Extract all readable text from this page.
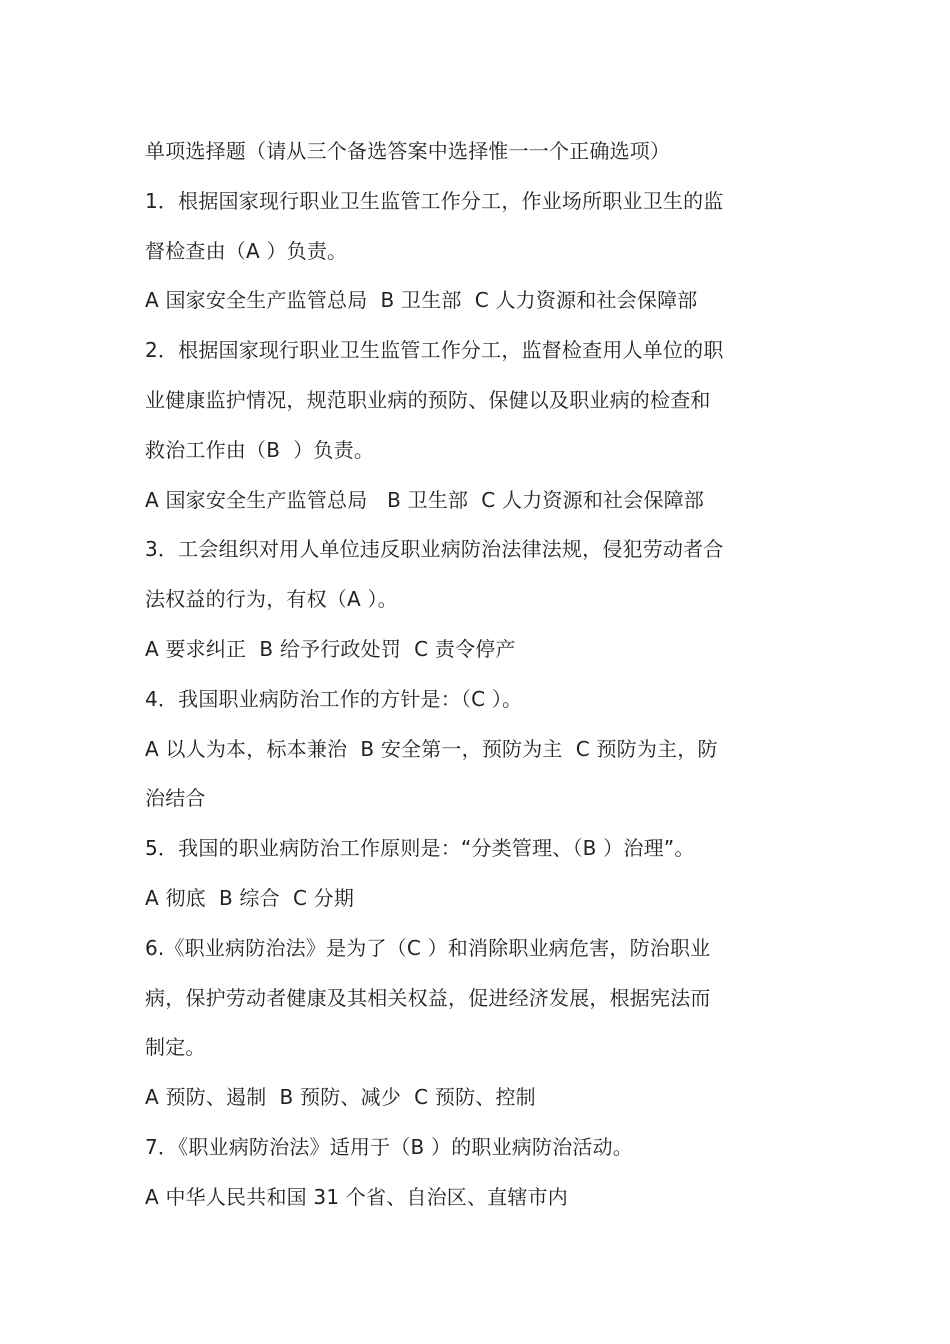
单项选择题（请从三个备选答案中选择惟一一个正确选项）

1．根据国家现行职业卫生监管工作分工，作业场所职业卫生的监

督检查由（A ）负责。

A 国家安全生产监管总局  B 卫生部  C 人力资源和社会保障部

2．根据国家现行职业卫生监管工作分工，监督检查用人单位的职

业健康监护情况，规范职业病的预防、保健以及职业病的检查和

救治工作由（B  ）负责。

A 国家安全生产监管总局   B 卫生部  C 人力资源和社会保障部

3．工会组织对用人单位违反职业病防治法律法规，侵犯劳动者合

法权益的行为，有权（A ）。

A 要求纠正  B 给予行政处罚  C 责令停产

4．我国职业病防治工作的方针是：（C ）。

A 以人为本，标本兼治  B 安全第一，预防为主  C 预防为主，防

治结合

5．我国的职业病防治工作原则是：“分类管理、（B ）治理”。

A 彻底  B 综合  C 分期

6.《职业病防治法》是为了（C ）和消除职业病危害，防治职业

病，保护劳动者健康及其相关权益，促进经济发展，根据宪法而

制定。

A 预防、遏制  B 预防、减少  C 预防、控制

7．《职业病防治法》适用于（B ）的职业病防治活动。

A 中华人民共和国 31 个省、自治区、直辖市内
